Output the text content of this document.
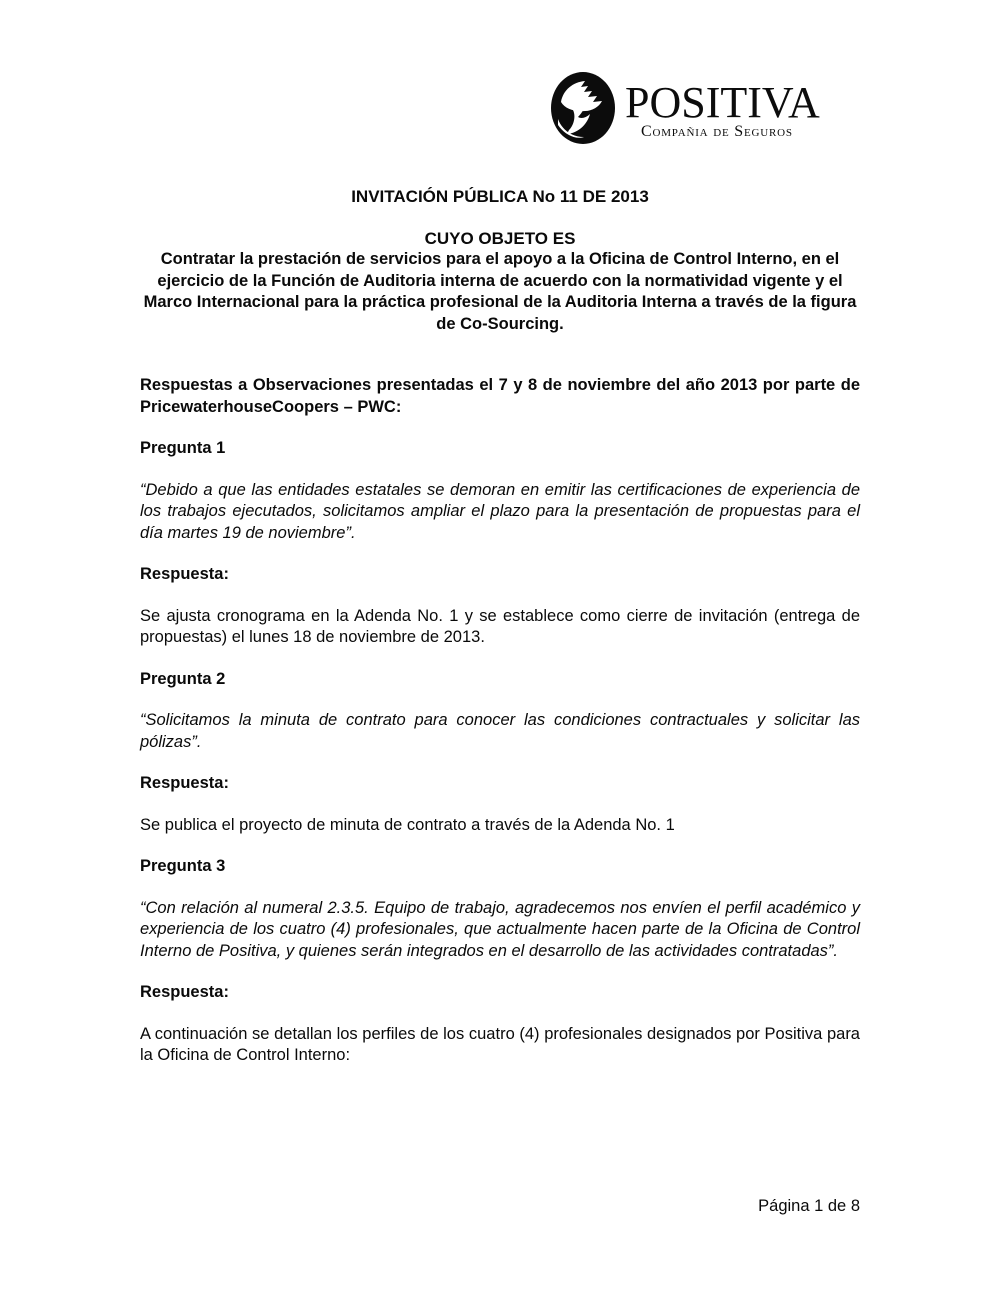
POSITIVA
Compañia de Seguros

INVITACIÓN PÚBLICA No 11 DE 2013

CUYO OBJETO ES

Contratar la prestación de servicios para el apoyo a la Oficina de Control Interno, en el ejercicio de la Función de Auditoria interna de acuerdo con la normatividad vigente y el Marco Internacional para la práctica profesional de la Auditoria Interna a través de la figura de Co-Sourcing.

Respuestas a Observaciones presentadas el 7 y 8 de noviembre del año 2013 por parte de PricewaterhouseCoopers – PWC:

Pregunta 1

“Debido a que las entidades estatales se demoran en emitir las certificaciones de experiencia de los trabajos ejecutados, solicitamos ampliar el plazo para la presentación de propuestas para el día martes 19 de noviembre”.

Respuesta:

Se ajusta cronograma en la Adenda No. 1 y se establece como cierre de invitación (entrega de propuestas) el lunes 18 de noviembre de 2013.

Pregunta 2

“Solicitamos la minuta de contrato para conocer las condiciones contractuales y solicitar las pólizas”.

Respuesta:

Se publica el proyecto de minuta de contrato a través de la Adenda No. 1

Pregunta 3

“Con relación al numeral 2.3.5. Equipo de trabajo, agradecemos nos envíen el perfil académico y experiencia de los cuatro (4) profesionales, que actualmente hacen parte de la Oficina de Control Interno de Positiva, y quienes serán integrados en el desarrollo de las actividades contratadas”.

Respuesta:

A continuación se detallan los perfiles de los cuatro (4) profesionales designados por Positiva para la Oficina de Control Interno:

Página 1 de 8
